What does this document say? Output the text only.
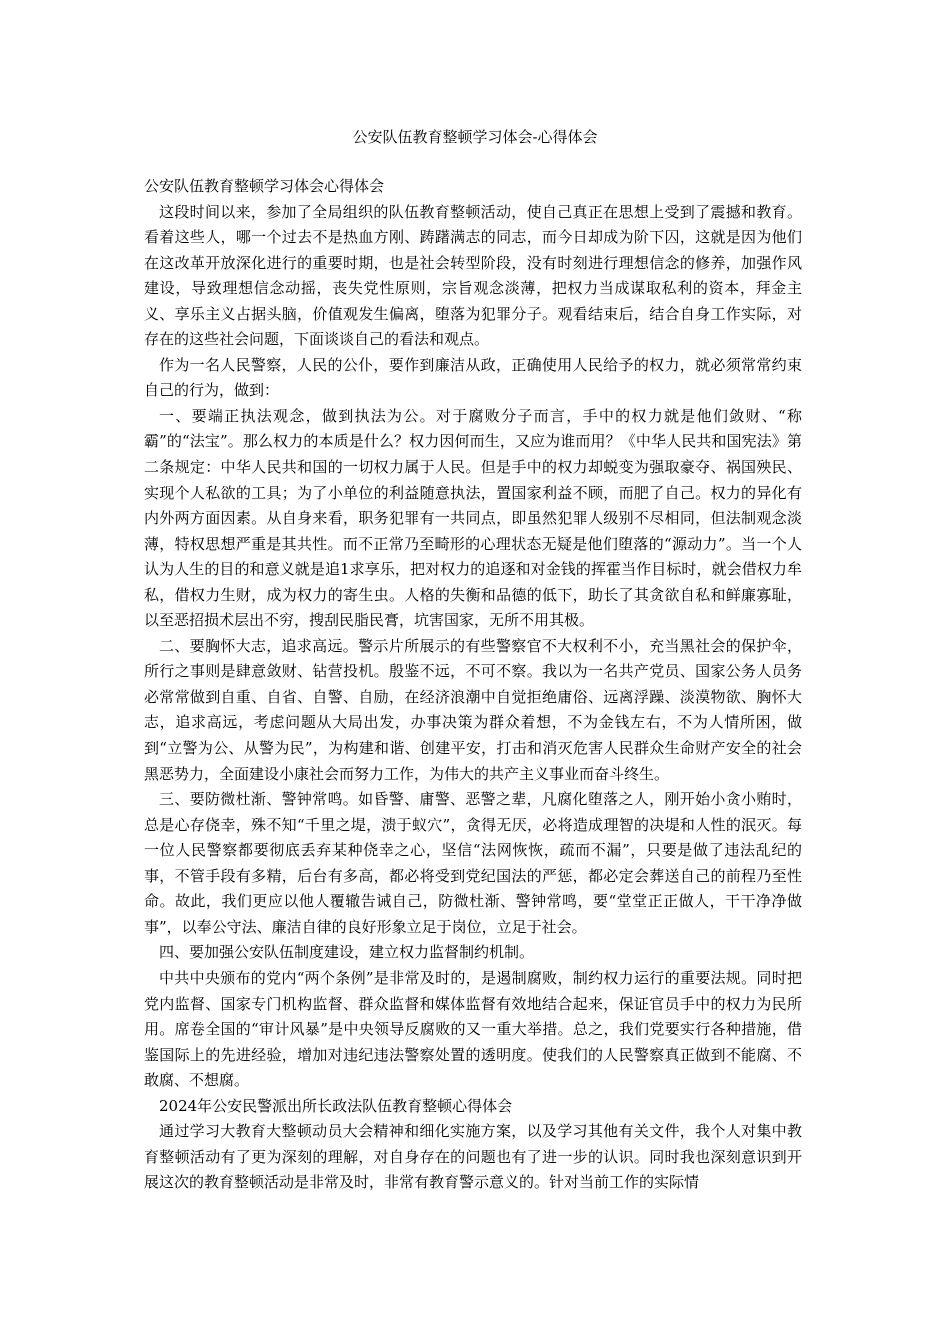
公安队伍教育整顿学习体会-心得体会

公安队伍教育整顿学习体会心得体会

这段时间以来，参加了全局组织的队伍教育整顿活动，使自己真正在思想上受到了震撼和教育。看着这些人，哪一个过去不是热血方刚、踌躇满志的同志，而今日却成为阶下囚，这就是因为他们在这改革开放深化进行的重要时期，也是社会转型阶段，没有时刻进行理想信念的修养，加强作风建设，导致理想信念动摇，丧失党性原则，宗旨观念淡薄，把权力当成谋取私利的资本，拜金主义、享乐主义占据头脑，价值观发生偏离，堕落为犯罪分子。观看结束后，结合自身工作实际，对存在的这些社会问题，下面谈谈自己的看法和观点。

作为一名人民警察，人民的公仆，要作到廉洁从政，正确使用人民给予的权力，就必须常常约束自己的行为，做到：

一、要端正执法观念，做到执法为公。对于腐败分子而言，手中的权力就是他们敛财、“称霸”的“法宝”。那么权力的本质是什么？权力因何而生，又应为谁而用？《中华人民共和国宪法》第二条规定：中华人民共和国的一切权力属于人民。但是手中的权力却蜕变为强取豪夺、祸国殃民、实现个人私欲的工具；为了小单位的利益随意执法，置国家利益不顾，而肥了自己。权力的异化有内外两方面因素。从自身来看，职务犯罪有一共同点，即虽然犯罪人级别不尽相同，但法制观念淡薄，特权思想严重是其共性。而不正常乃至畸形的心理状态无疑是他们堕落的“源动力”。当一个人认为人生的目的和意义就是追1求享乐，把对权力的追逐和对金钱的挥霍当作目标时，就会借权力牟私，借权力生财，成为权力的寄生虫。人格的失衡和品德的低下，助长了其贪欲自私和鲜廉寡耻，以至恶招损术层出不穷，搜刮民脂民膏，坑害国家，无所不用其极。

二、要胸怀大志，追求高远。警示片所展示的有些警察官不大权利不小，充当黑社会的保护伞，所行之事则是肆意敛财、钻营投机。殷鉴不远，不可不察。我以为一名共产党员、国家公务人员务必常常做到自重、自省、自警、自励，在经济浪潮中自觉拒绝庸俗、远离浮躁、淡漠物欲、胸怀大志，追求高远，考虑问题从大局出发，办事决策为群众着想，不为金钱左右，不为人情所困，做到“立警为公、从警为民”，为构建和谐、创建平安，打击和消灭危害人民群众生命财产安全的社会黑恶势力，全面建设小康社会而努力工作，为伟大的共产主义事业而奋斗终生。

三、要防微杜渐、警钟常鸣。如昏警、庸警、恶警之辈，凡腐化堕落之人，刚开始小贪小贿时，总是心存侥幸，殊不知“千里之堤，溃于蚁穴”，贪得无厌，必将造成理智的决堤和人性的泯灭。每一位人民警察都要彻底丢弃某种侥幸之心，坚信“法网恢恢，疏而不漏”，只要是做了违法乱纪的事，不管手段有多精，后台有多高，都必将受到党纪国法的严惩，都必定会葬送自己的前程乃至性命。故此，我们更应以他人覆辙告诫自己，防微杜渐、警钟常鸣，要“堂堂正正做人，干干净净做事”，以奉公守法、廉洁自律的良好形象立足于岗位，立足于社会。

四、要加强公安队伍制度建设，建立权力监督制约机制。

中共中央颁布的党内“两个条例”是非常及时的，是遏制腐败，制约权力运行的重要法规。同时把党内监督、国家专门机构监督、群众监督和媒体监督有效地结合起来，保证官员手中的权力为民所用。席卷全国的“审计风暴”是中央领导反腐败的又一重大举措。总之，我们党要实行各种措施，借鉴国际上的先进经验，增加对违纪违法警察处置的透明度。使我们的人民警察真正做到不能腐、不敢腐、不想腐。

2024年公安民警派出所长政法队伍教育整顿心得体会

通过学习大教育大整顿动员大会精神和细化实施方案，以及学习其他有关文件，我个人对集中教育整顿活动有了更为深刻的理解，对自身存在的问题也有了进一步的认识。同时我也深刻意识到开展这次的教育整顿活动是非常及时，非常有教育警示意义的。针对当前工作的实际情
